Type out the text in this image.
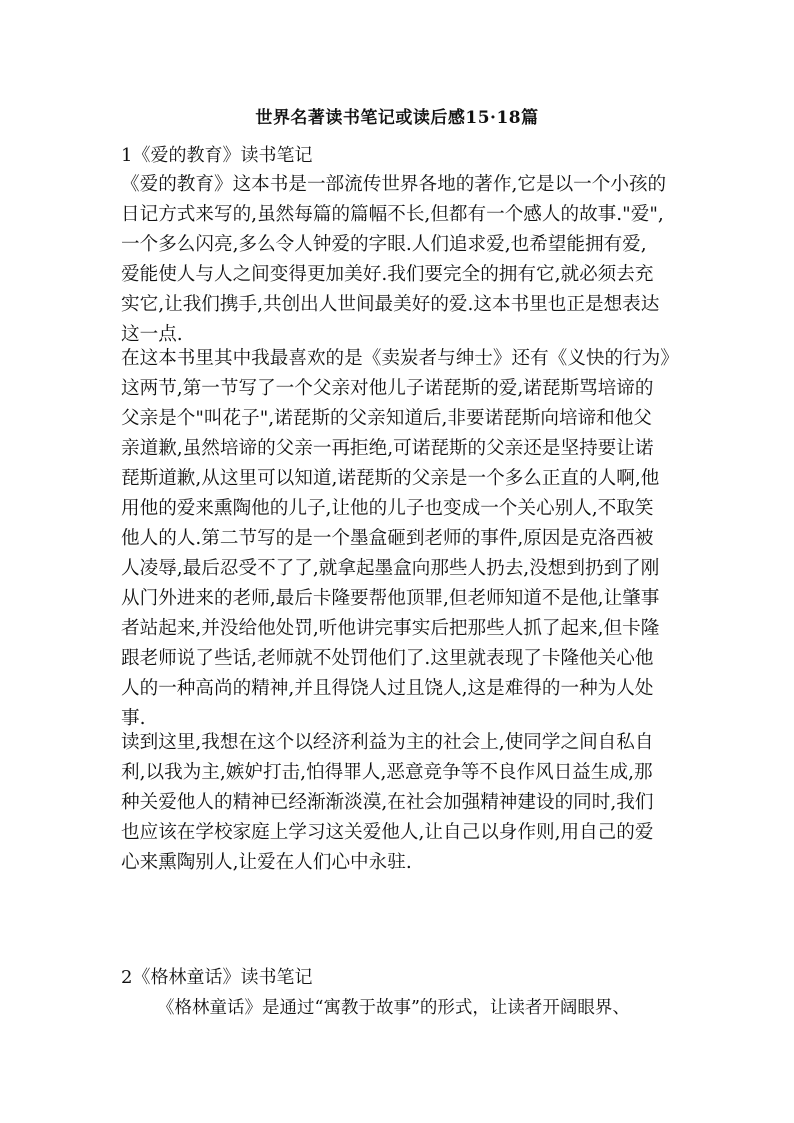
世界名著读书笔记或读后感15·18篇
1《爱的教育》读书笔记
《爱的教育》这本书是一部流传世界各地的著作,它是以一个小孩的
日记方式来写的,虽然每篇的篇幅不长,但都有一个感人的故事."爱",
一个多么闪亮,多么令人钟爱的字眼.人们追求爱,也希望能拥有爱,
爱能使人与人之间变得更加美好.我们要完全的拥有它,就必须去充
实它,让我们携手,共创出人世间最美好的爱.这本书里也正是想表达
这一点.
在这本书里其中我最喜欢的是《卖炭者与绅士》还有《义快的行为》
这两节,第一节写了一个父亲对他儿子诺琵斯的爱,诺琵斯骂培谛的
父亲是个"叫花子",诺琵斯的父亲知道后,非要诺琵斯向培谛和他父
亲道歉,虽然培谛的父亲一再拒绝,可诺琵斯的父亲还是坚持要让诺
琵斯道歉,从这里可以知道,诺琵斯的父亲是一个多么正直的人啊,他
用他的爱来熏陶他的儿子,让他的儿子也变成一个关心别人,不取笑
他人的人.第二节写的是一个墨盒砸到老师的事件,原因是克洛西被
人凌辱,最后忍受不了了,就拿起墨盒向那些人扔去,没想到扔到了刚
从门外进来的老师,最后卡隆要帮他顶罪,但老师知道不是他,让肇事
者站起来,并没给他处罚,听他讲完事实后把那些人抓了起来,但卡隆
跟老师说了些话,老师就不处罚他们了.这里就表现了卡隆他关心他
人的一种高尚的精神,并且得饶人过且饶人,这是难得的一种为人处
事.
读到这里,我想在这个以经济利益为主的社会上,使同学之间自私自
利,以我为主,嫉妒打击,怕得罪人,恶意竞争等不良作风日益生成,那
种关爱他人的精神已经渐渐淡漠,在社会加强精神建设的同时,我们
也应该在学校家庭上学习这关爱他人,让自己以身作则,用自己的爱
心来熏陶别人,让爱在人们心中永驻.
2《格林童话》读书笔记
《格林童话》是通过“寓教于故事”的形式，让读者开阔眼界、
